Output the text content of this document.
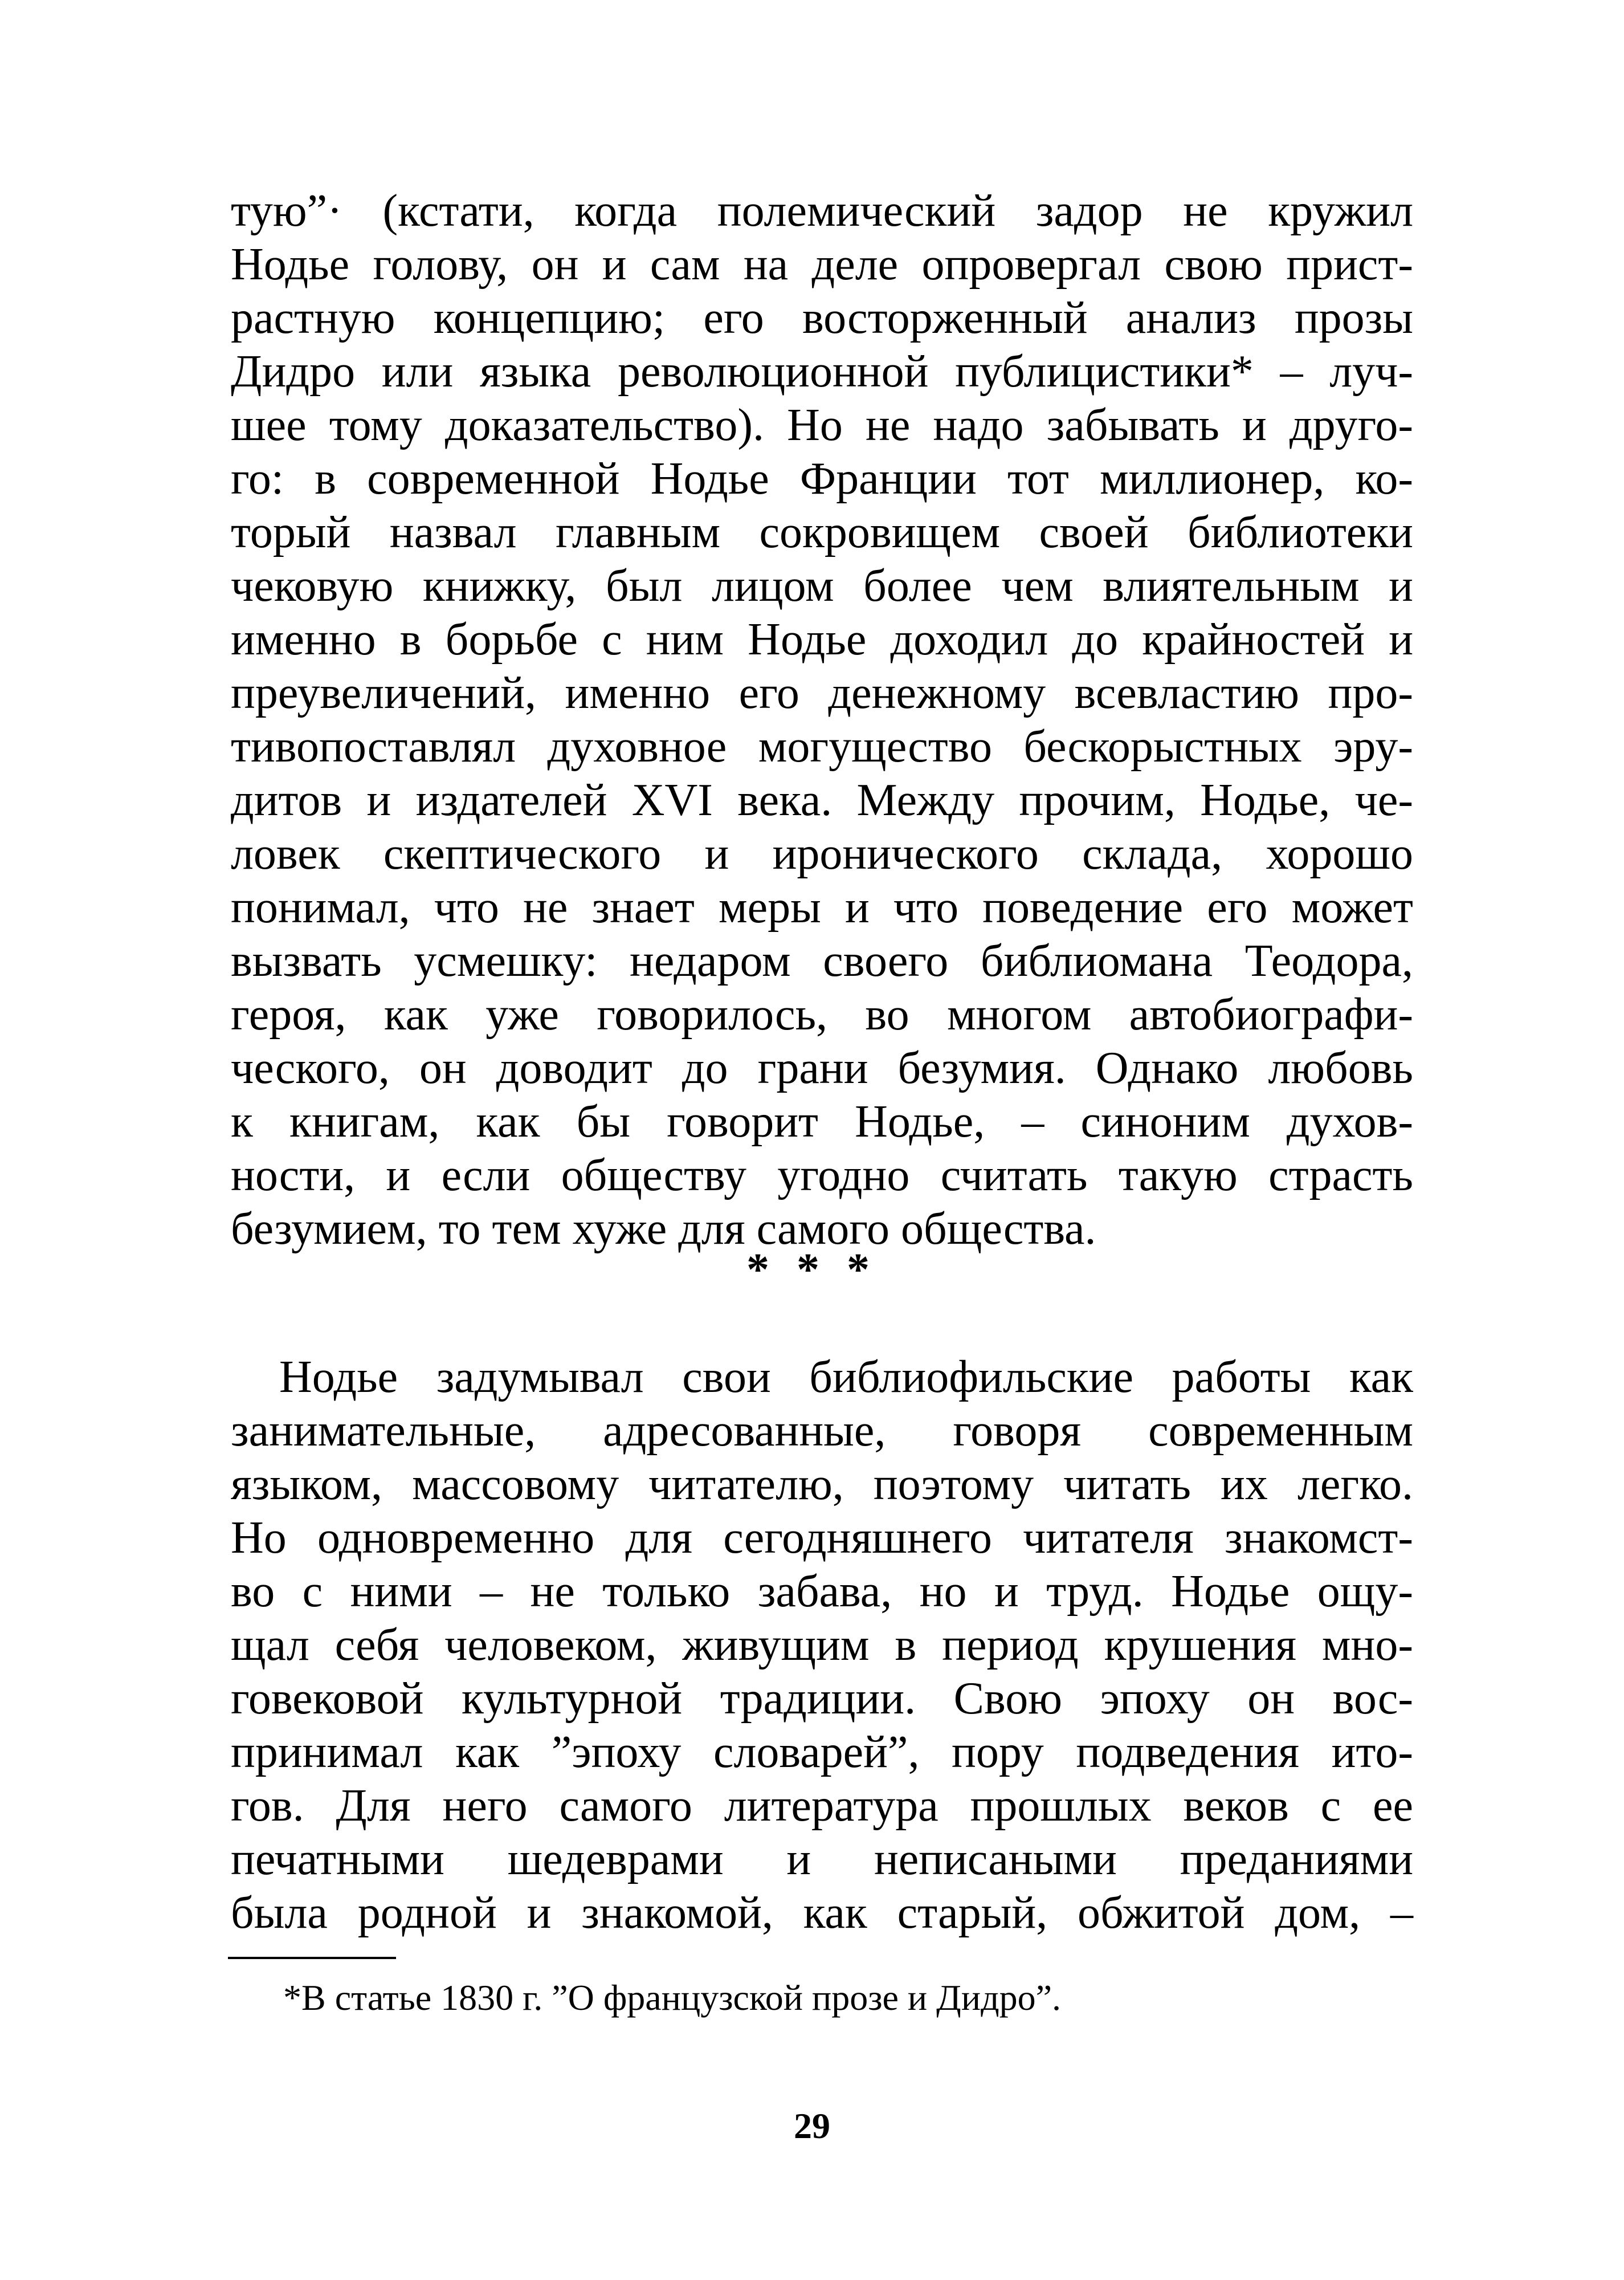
тую”· (кстати, когда полемический задор не кружил
Нодье голову, он и сам на деле опровергал свою прист-
растную концепцию; его восторженный анализ прозы
Дидро или языка революционной публицистики* – луч-
шее тому доказательство). Но не надо забывать и друго-
го: в современной Нодье Франции тот миллионер, ко-
торый назвал главным сокровищем своей библиотеки
чековую книжку, был лицом более чем влиятельным и
именно в борьбе с ним Нодье доходил до крайностей и
преувеличений, именно его денежному всевластию про-
тивопоставлял духовное могущество бескорыстных эру-
дитов и издателей XVI века. Между прочим, Нодье, че-
ловек скептического и иронического склада, хорошо
понимал, что не знает меры и что поведение его может
вызвать усмешку: недаром своего библиомана Теодора,
героя, как уже говорилось, во многом автобиографи-
ческого, он доводит до грани безумия. Однако любовь
к книгам, как бы говорит Нодье, – синоним духов-
ности, и если обществу угодно считать такую страсть
безумием, то тем хуже для самого общества.
* * *
Нодье задумывал свои библиофильские работы как
занимательные, адресованные, говоря современным
языком, массовому читателю, поэтому читать их легко.
Но одновременно для сегодняшнего читателя знакомст-
во с ними – не только забава, но и труд. Нодье ощу-
щал себя человеком, живущим в период крушения мно-
говековой культурной традиции. Свою эпоху он вос-
принимал как ”эпоху словарей”, пору подведения ито-
гов. Для него самого литература прошлых веков с ее
печатными шедеврами и неписаными преданиями
была родной и знакомой, как старый, обжитой дом, –
*В статье 1830 г. ”О французской прозе и Дидро”.
29
